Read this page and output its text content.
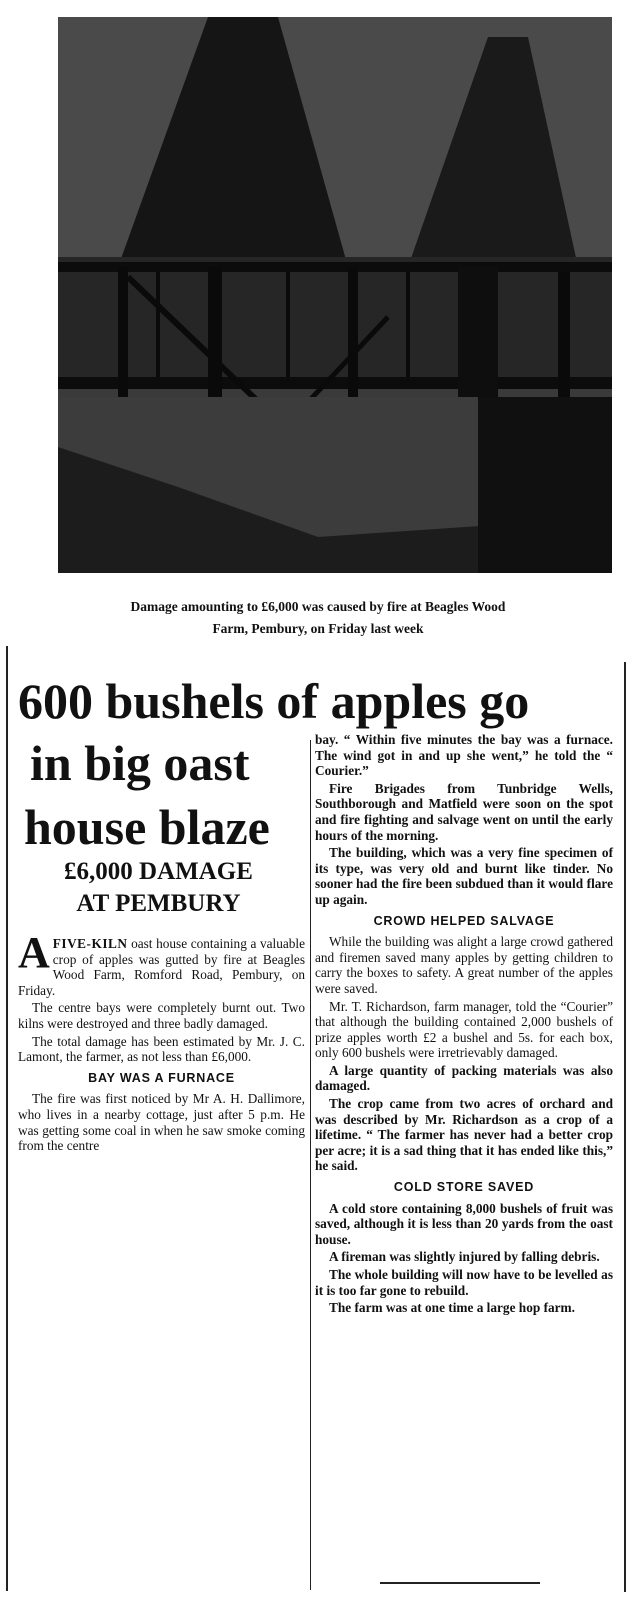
Damage amounting to £6,000 was caused by fire at Beagles Wood
Farm, Pembury, on Friday last week
600 bushels of apples go
in big oast
house blaze
£6,000 DAMAGE
AT PEMBURY

AFIVE-KILN oast house containing a valuable crop of apples was gutted by fire at Beagles Wood Farm, Romford Road, Pembury, on Friday.

The centre bays were completely burnt out. Two kilns were destroyed and three badly damaged.

The total damage has been estimated by Mr. J. C. Lamont, the farmer, as not less than £6,000.

BAY WAS A FURNACE

The fire was first noticed by Mr A. H. Dallimore, who lives in a nearby cottage, just after 5 p.m. He was getting some coal in when he saw smoke coming from the centre

bay. “ Within five minutes the bay was a furnace. The wind got in and up she went,” he told the “ Courier.”

Fire Brigades from Tunbridge Wells, Southborough and Matfield were soon on the spot and fire fighting and salvage went on until the early hours of the morning.

The building, which was a very fine specimen of its type, was very old and burnt like tinder. No sooner had the fire been subdued than it would flare up again.

CROWD HELPED SALVAGE

While the building was alight a large crowd gathered and firemen saved many apples by getting children to carry the boxes to safety. A great number of the apples were saved.

Mr. T. Richardson, farm manager, told the “Courier” that although the building contained 2,000 bushels of prize apples worth £2 a bushel and 5s. for each box, only 600 bushels were irretrievably damaged.

A large quantity of packing materials was also damaged.

The crop came from two acres of orchard and was described by Mr. Richardson as a crop of a lifetime. “ The farmer has never had a better crop per acre; it is a sad thing that it has ended like this,” he said.

COLD STORE SAVED

A cold store containing 8,000 bushels of fruit was saved, although it is less than 20 yards from the oast house.

A fireman was slightly injured by falling debris.

The whole building will now have to be levelled as it is too far gone to rebuild.

The farm was at one time a large hop farm.
